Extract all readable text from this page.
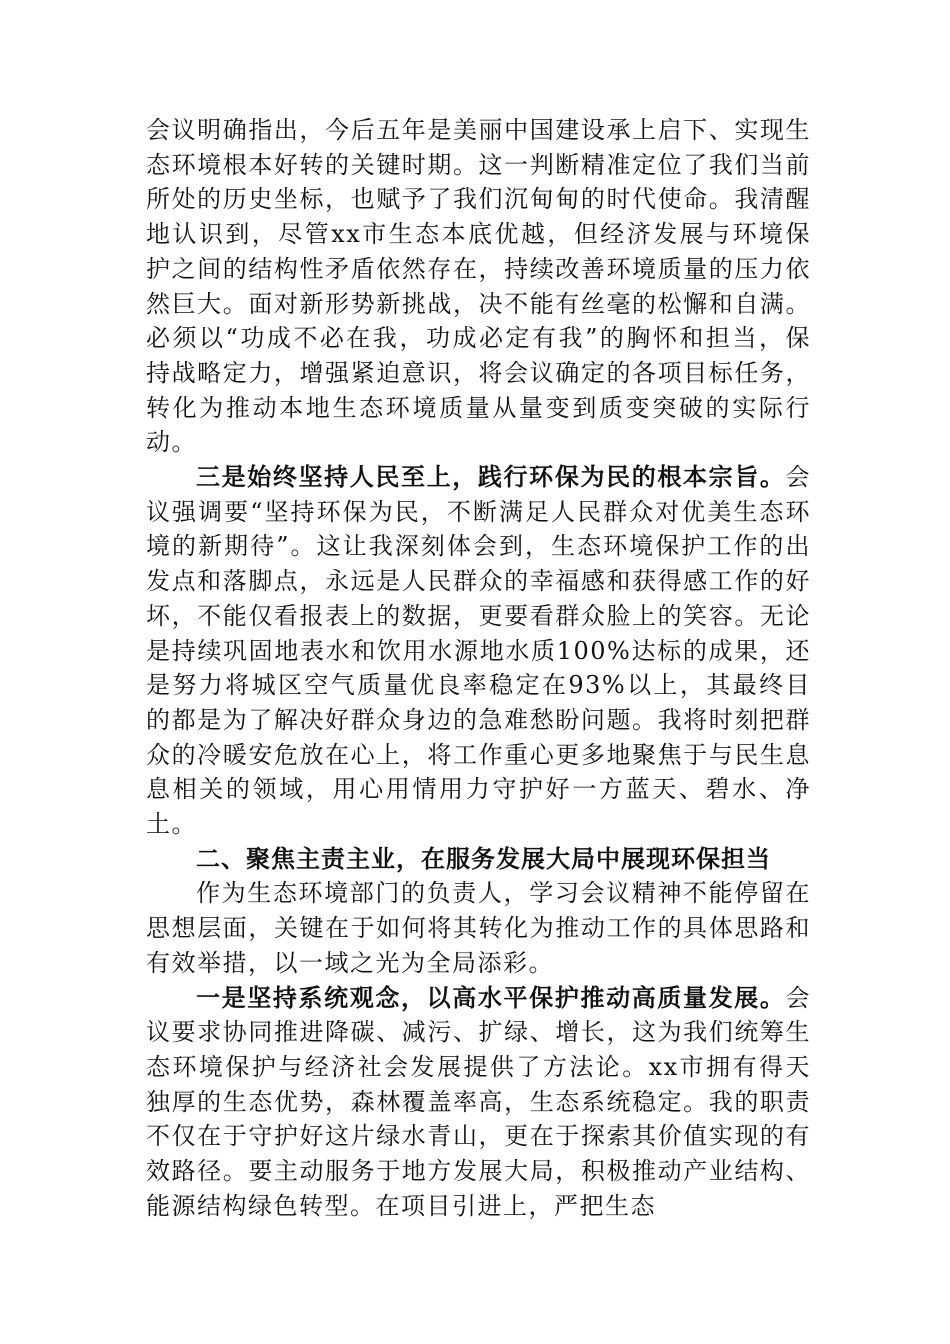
会议明确指出，今后五年是美丽中国建设承上启下、实现生态环境根本好转的关键时期。这一判断精准定位了我们当前所处的历史坐标，也赋予了我们沉甸甸的时代使命。我清醒地认识到，尽管xx市生态本底优越，但经济发展与环境保护之间的结构性矛盾依然存在，持续改善环境质量的压力依然巨大。面对新形势新挑战，决不能有丝毫的松懈和自满。必须以“功成不必在我，功成必定有我”的胸怀和担当，保持战略定力，增强紧迫意识，将会议确定的各项目标任务，转化为推动本地生态环境质量从量变到质变突破的实际行动。

三是始终坚持人民至上，践行环保为民的根本宗旨。会议强调要“坚持环保为民，不断满足人民群众对优美生态环境的新期待”。这让我深刻体会到，生态环境保护工作的出发点和落脚点，永远是人民群众的幸福感和获得感工作的好坏，不能仅看报表上的数据，更要看群众脸上的笑容。无论是持续巩固地表水和饮用水源地水质100%达标的成果，还是努力将城区空气质量优良率稳定在93%以上，其最终目的都是为了解决好群众身边的急难愁盼问题。我将时刻把群众的冷暖安危放在心上，将工作重心更多地聚焦于与民生息息相关的领域，用心用情用力守护好一方蓝天、碧水、净土。

二、聚焦主责主业，在服务发展大局中展现环保担当

作为生态环境部门的负责人，学习会议精神不能停留在思想层面，关键在于如何将其转化为推动工作的具体思路和有效举措，以一域之光为全局添彩。

一是坚持系统观念，以高水平保护推动高质量发展。会议要求协同推进降碳、减污、扩绿、增长，这为我们统筹生态环境保护与经济社会发展提供了方法论。xx市拥有得天独厚的生态优势，森林覆盖率高，生态系统稳定。我的职责不仅在于守护好这片绿水青山，更在于探索其价值实现的有效路径。要主动服务于地方发展大局，积极推动产业结构、能源结构绿色转型。在项目引进上，严把生态
